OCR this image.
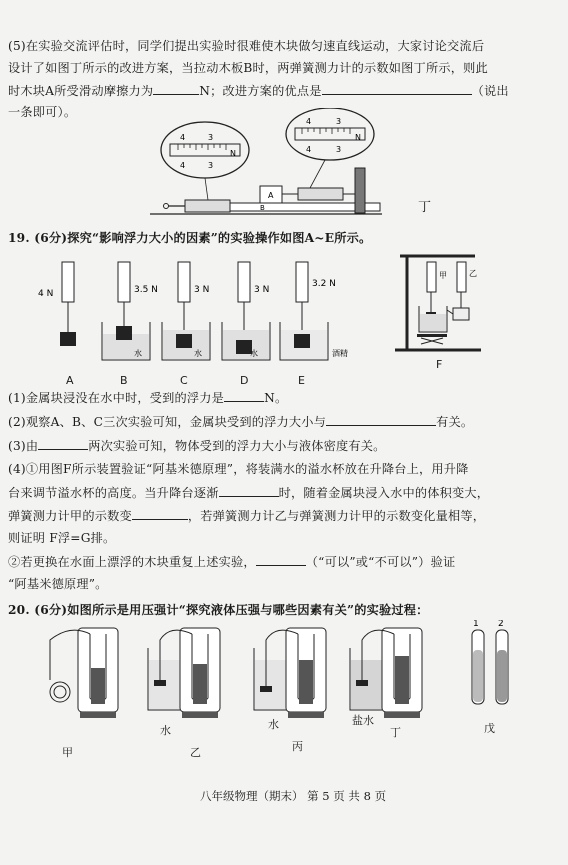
(5)在实验交流评估时，同学们提出实验时很难使木块做匀速直线运动，大家讨论交流后
设计了如图丁所示的改进方案，当拉动木板B时，两弹簧测力计的示数如图丁所示，则此
时木块A所受滑动摩擦力为	N；改进方案的优点是	（说出
一条即可）。
4	3
4	3
N
4	3
4	3
N
B
A
丁
19. (6分)探究“影响浮力大小的因素”的实验操作如图A~E所示。
4 N	3.5 N
水
3 N
水
3 N
水
3.2 N
酒精
A	B	C	D	E
甲	乙
F
(1)金属块浸没在水中时，受到的浮力是	N。
(2)观察A、B、C三次实验可知，金属块受到的浮力大小与	有关。
(3)由	两次实验可知，物体受到的浮力大小与液体密度有关。
(4)①用图F所示装置验证“阿基米德原理”，将装满水的溢水杯放在升降台上，用升降
台来调节溢水杯的高度。当升降台逐渐	时，随着金属块浸入水中的体积变大，
弹簧测力计甲的示数变	，若弹簧测力计乙与弹簧测力计甲的示数变化量相等，
则证明 F浮=G排。
②若更换在水面上漂浮的木块重复上述实验，	（“可以”或“不可以”）验证
“阿基米德原理”。
20. (6分)如图所示是用压强计“探究液体压强与哪些因素有关”的实验过程：
1 2
水	水	盐水
甲	乙	丙
丁	戊
八年级物理（期末） 第 5 页 共 8 页
